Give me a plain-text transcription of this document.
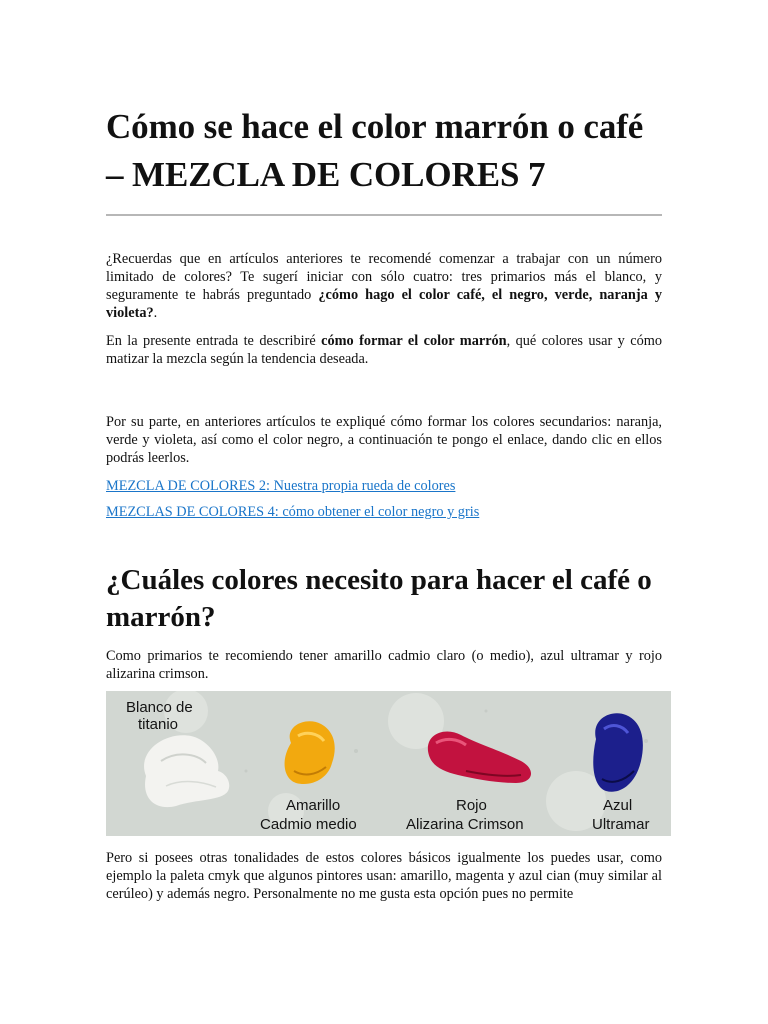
Cómo se hace el color marrón o café – MEZCLA DE COLORES 7

¿Recuerdas que en artículos anteriores te recomendé comenzar a trabajar con un número limitado de colores? Te sugerí iniciar con sólo cuatro: tres primarios más el blanco, y seguramente te habrás preguntado ¿cómo hago el color café, el negro, verde, naranja y violeta?.

En la presente entrada te describiré cómo formar el color marrón, qué colores usar y cómo matizar la mezcla según la tendencia deseada.

Por su parte, en anteriores artículos te expliqué cómo formar los colores secundarios: naranja, verde y violeta, así como el color negro, a continuación te pongo el enlace, dando clic en ellos podrás leerlos.

MEZCLA DE COLORES 2: Nuestra propia rueda de colores
MEZCLAS DE COLORES 4: cómo obtener el color negro y gris
¿Cuáles colores necesito para hacer el café o marrón?

Como primarios te recomiendo tener amarillo cadmio claro (o medio), azul ultramar y rojo alizarina crimson.

Blanco de
titanio
Amarillo
Cadmio medio
Rojo
Alizarina Crimson
Azul
Ultramar

Pero si posees otras tonalidades de estos colores básicos igualmente los puedes usar, como ejemplo la paleta cmyk que algunos pintores usan: amarillo, magenta y azul cian (muy similar al cerúleo) y además negro. Personalmente no me gusta esta opción pues no permite
